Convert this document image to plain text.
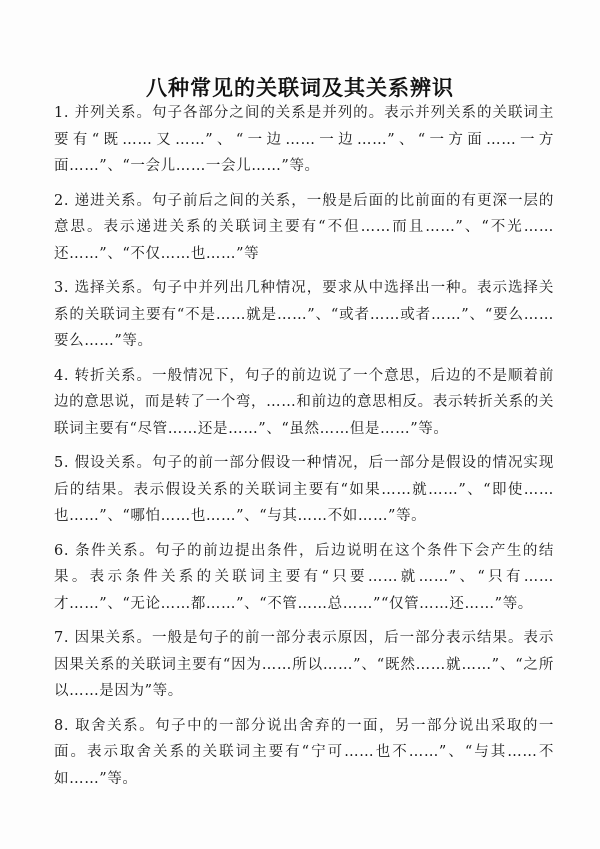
八种常见的关联词及其关系辨识

1. 并列关系。句子各部分之间的关系是并列的。表示并列关系的关联词主要有“既……又……”、“一边……一边……”、“一方面……一方面……”、“一会儿……一会儿……”等。

2. 递进关系。句子前后之间的关系，一般是后面的比前面的有更深一层的意思。表示递进关系的关联词主要有“不但……而且……”、“不光……还……”、“不仅……也……”等

3. 选择关系。句子中并列出几种情况，要求从中选择出一种。表示选择关系的关联词主要有“不是……就是……”、“或者……或者……”、“要么……要么……”等。

4. 转折关系。一般情况下，句子的前边说了一个意思，后边的不是顺着前边的意思说，而是转了一个弯，……和前边的意思相反。表示转折关系的关联词主要有“尽管……还是……”、“虽然……但是……”等。

5. 假设关系。句子的前一部分假设一种情况，后一部分是假设的情况实现后的结果。表示假设关系的关联词主要有“如果……就……”、“即使……也……”、“哪怕……也……”、“与其……不如……”等。

6. 条件关系。句子的前边提出条件，后边说明在这个条件下会产生的结果。表示条件关系的关联词主要有“只要……就……”、“只有……才……”、“无论……都……”、“不管……总……”“仅管……还……”等。

7. 因果关系。一般是句子的前一部分表示原因，后一部分表示结果。表示因果关系的关联词主要有“因为……所以……”、“既然……就……”、“之所以……是因为”等。

8. 取舍关系。句子中的一部分说出舍弃的一面，另一部分说出采取的一面。表示取舍关系的关联词主要有“宁可……也不……”、“与其……不如……”等。
